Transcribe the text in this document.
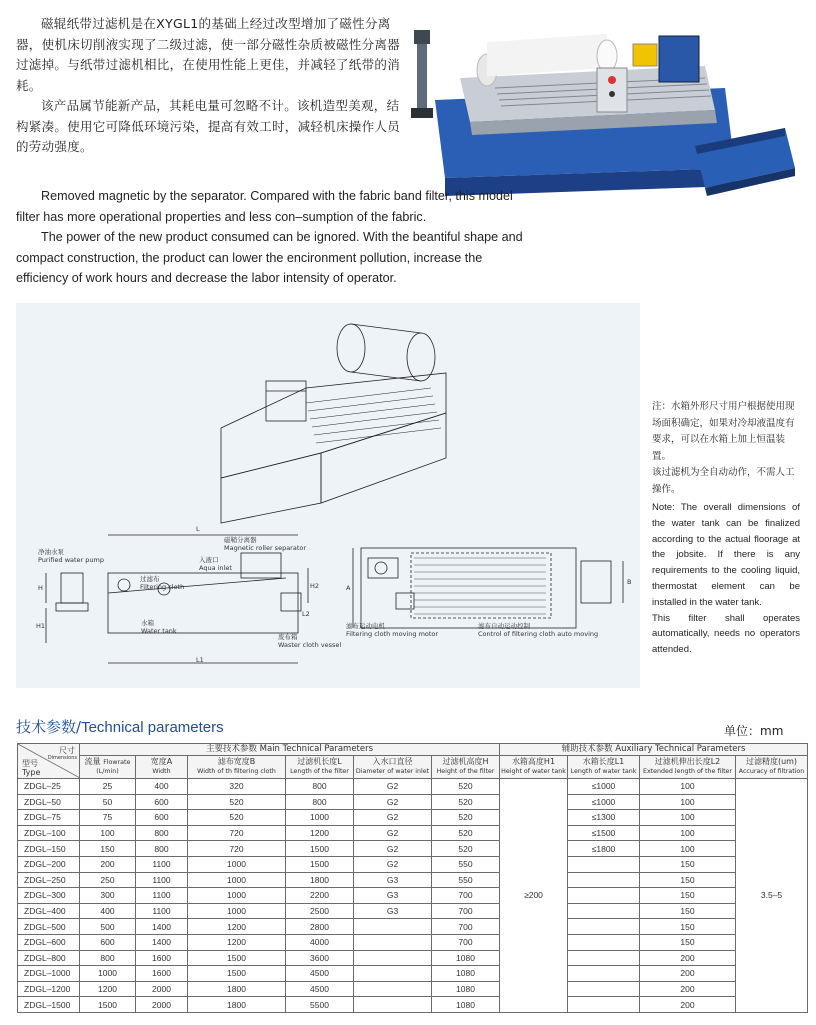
磁辊纸带过滤机是在XYGL1的基础上经过改型增加了磁性分离器，使机床切削液实现了二级过滤，使一部分磁性杂质被磁性分离器过滤掉。与纸带过滤机相比，在使用性能上更佳，并减轻了纸带的消耗。

该产品属节能新产品，其耗电量可忽略不计。该机造型美观，结构紧凑。使用它可降低环境污染，提高有效工时，减轻机床操作人员的劳动强度。

Removed magnetic by the separator. Compared with the fabric band filter, this model filter has more operational properties and less con–sumption of the fabric.

The power of the new product consumed can be ignored. With the beantiful shape and compact construction, the product can lower the encironment pollution, increase the efficiency of work hours and decrease the labor intensity of operator.

L
L1
L2
H
H1
H2	A
B
净油水泵
Purified water pump
磁鞘分离器
Magnetic roller separator
入液口
Aqua inlet
过滤布
Filtering cloth
水箱
Water tank
废布箱
Waster cloth vessel
滤布运动电机
Filtering cloth moving motor
滤布自动运动控制
Control of filtering cloth auto moving
注：水箱外形尺寸用户根据使用现场面积确定，如果对冷却液温度有要求，可以在水箱上加上恒温装置。
该过滤机为全自动动作，不需人工操作。
Note: The overall dimensions of the water tank can be finalized according to the actual floorage at the jobsite. If there is any requirements to the cooling liquid, thermostat element can be installed in the water tank.
This filter shall operates automatically, needs no operators attended.
技术参数/Technical parameters	单位：mm
尺寸
Dimensions
型号
Type	主要技术参数 Main Technical Parameters						辅助技术参数 Auxiliary Technical Parameters			
	流量 Flowrate
(L/min)	宽度A
Width	滤布宽度B
Width of th filtering cloth	过滤机长度L
Length of the filter	入水口直径
Diameter of water inlet	过滤机高度H
Height of the filter	水箱高度H1
Height of water tank	水箱长度L1
Length of water tank	过滤机伸出长度L2
Extended length of the filter	过滤精度(um)
Accuracy of filtration

ZDGL–25	25	400	320	800	G2	520	≥200	≤1000	100	3.5–5
ZDGL–50	50	600	520	800	G2	520		≤1000	100	
ZDGL–75	75	600	520	1000	G2	520		≤1300	100	
ZDGL–100	100	800	720	1200	G2	520		≤1500	100	
ZDGL–150	150	800	720	1500	G2	520		≤1800	100	
ZDGL–200	200	1100	1000	1500	G2	550			150	
ZDGL–250	250	1100	1000	1800	G3	550			150	
ZDGL–300	300	1100	1000	2200	G3	700			150	
ZDGL–400	400	1100	1000	2500	G3	700			150	
ZDGL–500	500	1400	1200	2800		700			150	
ZDGL–600	600	1400	1200	4000		700			150	
ZDGL–800	800	1600	1500	3600		1080			200	
ZDGL–1000	1000	1600	1500	4500		1080			200	
ZDGL–1200	1200	2000	1800	4500		1080			200	
ZDGL–1500	1500	2000	1800	5500		1080			200	
